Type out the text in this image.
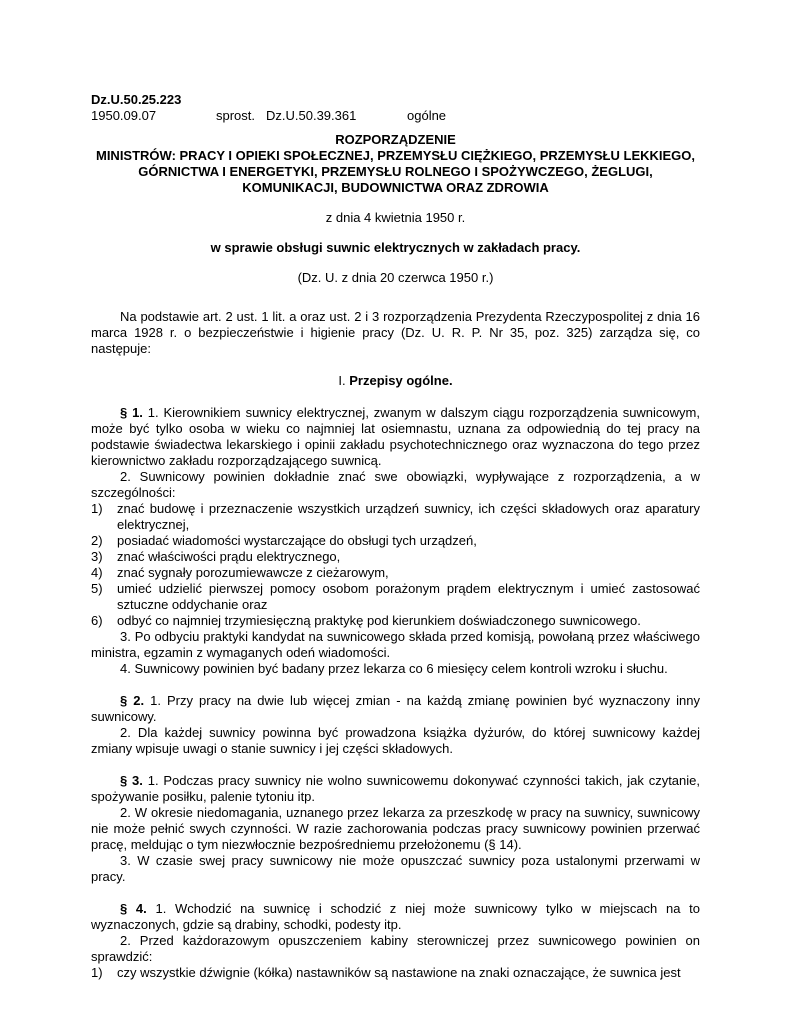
Dz.U.50.25.223
1950.09.07	sprost. Dz.U.50.39.361	ogólne
ROZPORZĄDZENIE
MINISTRÓW: PRACY I OPIEKI SPOŁECZNEJ, PRZEMYSŁU CIĘŻKIEGO, PRZEMYSŁU LEKKIEGO,
GÓRNICTWA I ENERGETYKI, PRZEMYSŁU ROLNEGO I SPOŻYWCZEGO, ŻEGLUGI,
KOMUNIKACJI, BUDOWNICTWA ORAZ ZDROWIA
z dnia 4 kwietnia 1950 r.
w sprawie obsługi suwnic elektrycznych w zakładach pracy.
(Dz. U. z dnia 20 czerwca 1950 r.)

Na podstawie art. 2 ust. 1 lit. a oraz ust. 2 i 3 rozporządzenia Prezydenta Rzeczypospolitej z dnia 16 marca 1928 r. o bezpieczeństwie i higienie pracy (Dz. U. R. P. Nr 35, poz. 325) zarządza się, co następuje:

I. Przepisy ogólne.

§ 1. 1. Kierownikiem suwnicy elektrycznej, zwanym w dalszym ciągu rozporządzenia suwnicowym, może być tylko osoba w wieku co najmniej lat osiemnastu, uznana za odpowiednią do tej pracy na podstawie świadectwa lekarskiego i opinii zakładu psychotechnicznego oraz wyznaczona do tego przez kierownictwo zakładu rozporządzającego suwnicą.

2. Suwnicowy powinien dokładnie znać swe obowiązki, wypływające z rozporządzenia, a w szczególności:

1)	znać budowę i przeznaczenie wszystkich urządzeń suwnicy, ich części składowych oraz aparatury elektrycznej,
2)	posiadać wiadomości wystarczające do obsługi tych urządzeń,
3)	znać właściwości prądu elektrycznego,
4)	znać sygnały porozumiewawcze z cieżarowym,
5)	umieć udzielić pierwszej pomocy osobom porażonym prądem elektrycznym i umieć zastosować sztuczne oddychanie oraz
6)	odbyć co najmniej trzymiesięczną praktykę pod kierunkiem doświadczonego suwnicowego.

3. Po odbyciu praktyki kandydat na suwnicowego składa przed komisją, powołaną przez właściwego ministra, egzamin z wymaganych odeń wiadomości.

4. Suwnicowy powinien być badany przez lekarza co 6 miesięcy celem kontroli wzroku i słuchu.

§ 2. 1. Przy pracy na dwie lub więcej zmian - na każdą zmianę powinien być wyznaczony inny suwnicowy.

2. Dla każdej suwnicy powinna być prowadzona książka dyżurów, do której suwnicowy każdej zmiany wpisuje uwagi o stanie suwnicy i jej części składowych.

§ 3. 1. Podczas pracy suwnicy nie wolno suwnicowemu dokonywać czynności takich, jak czytanie, spożywanie posiłku, palenie tytoniu itp.

2. W okresie niedomagania, uznanego przez lekarza za przeszkodę w pracy na suwnicy, suwnicowy nie może pełnić swych czynności. W razie zachorowania podczas pracy suwnicowy powinien przerwać pracę, meldując o tym niezwłocznie bezpośredniemu przełożonemu (§ 14).

3. W czasie swej pracy suwnicowy nie może opuszczać suwnicy poza ustalonymi przerwami w pracy.

§ 4. 1. Wchodzić na suwnicę i schodzić z niej może suwnicowy tylko w miejscach na to wyznaczonych, gdzie są drabiny, schodki, podesty itp.

2. Przed każdorazowym opuszczeniem kabiny sterowniczej przez suwnicowego powinien on sprawdzić:

1)	czy wszystkie dźwignie (kółka) nastawników są nastawione na znaki oznaczające, że suwnica jest
